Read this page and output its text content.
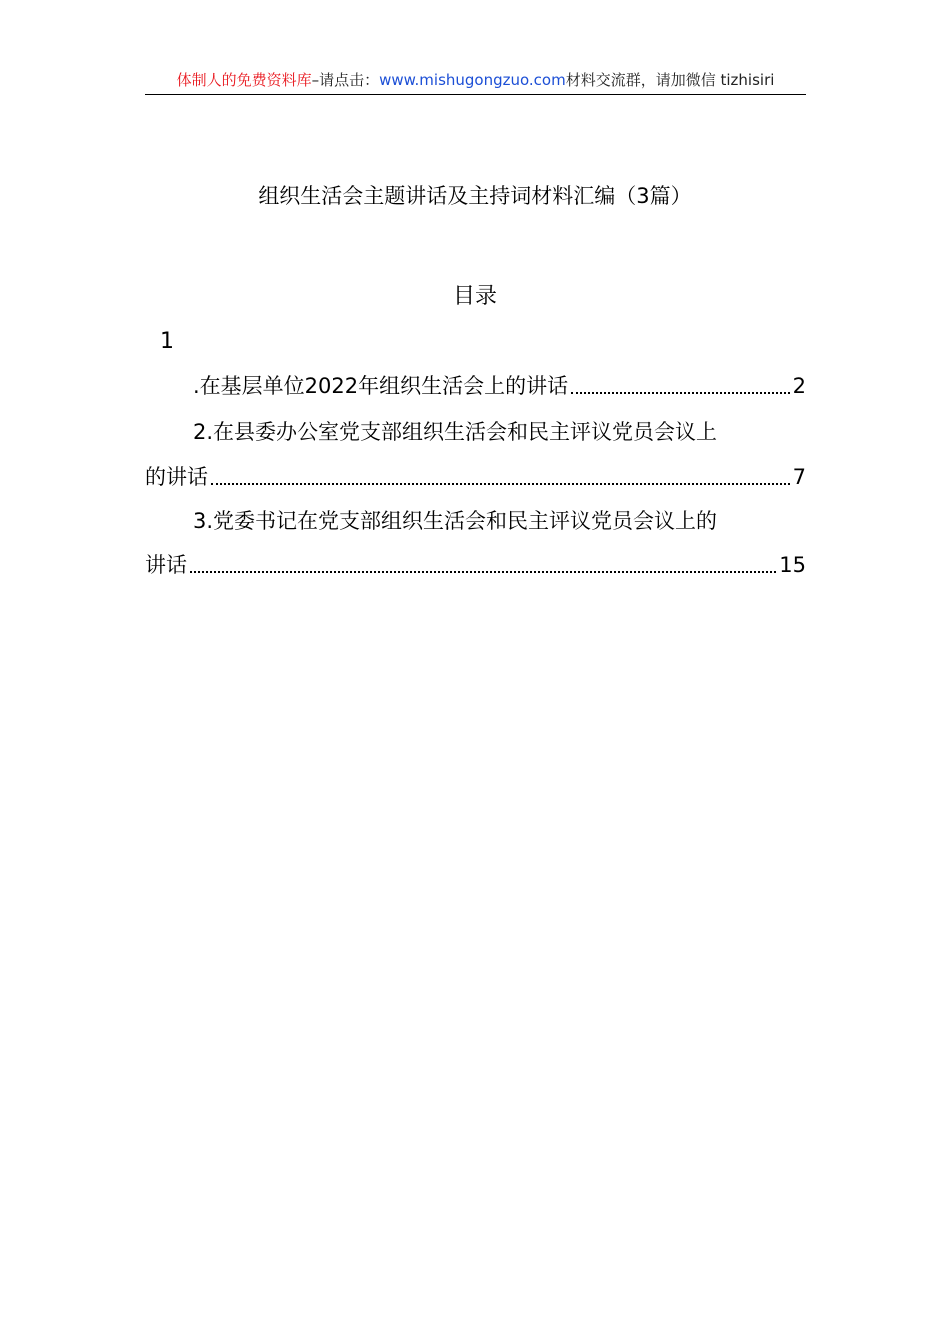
体制人的免费资料库–请点击：www.mishugongzuo.com材料交流群，请加微信 tizhisiri
组织生活会主题讲话及主持词材料汇编（3篇）
目录
1
.在基层单位2022年组织生活会上的讲话	2
2.在县委办公室党支部组织生活会和民主评议党员会议上
的讲话	7
3.党委书记在党支部组织生活会和民主评议党员会议上的
讲话	15
